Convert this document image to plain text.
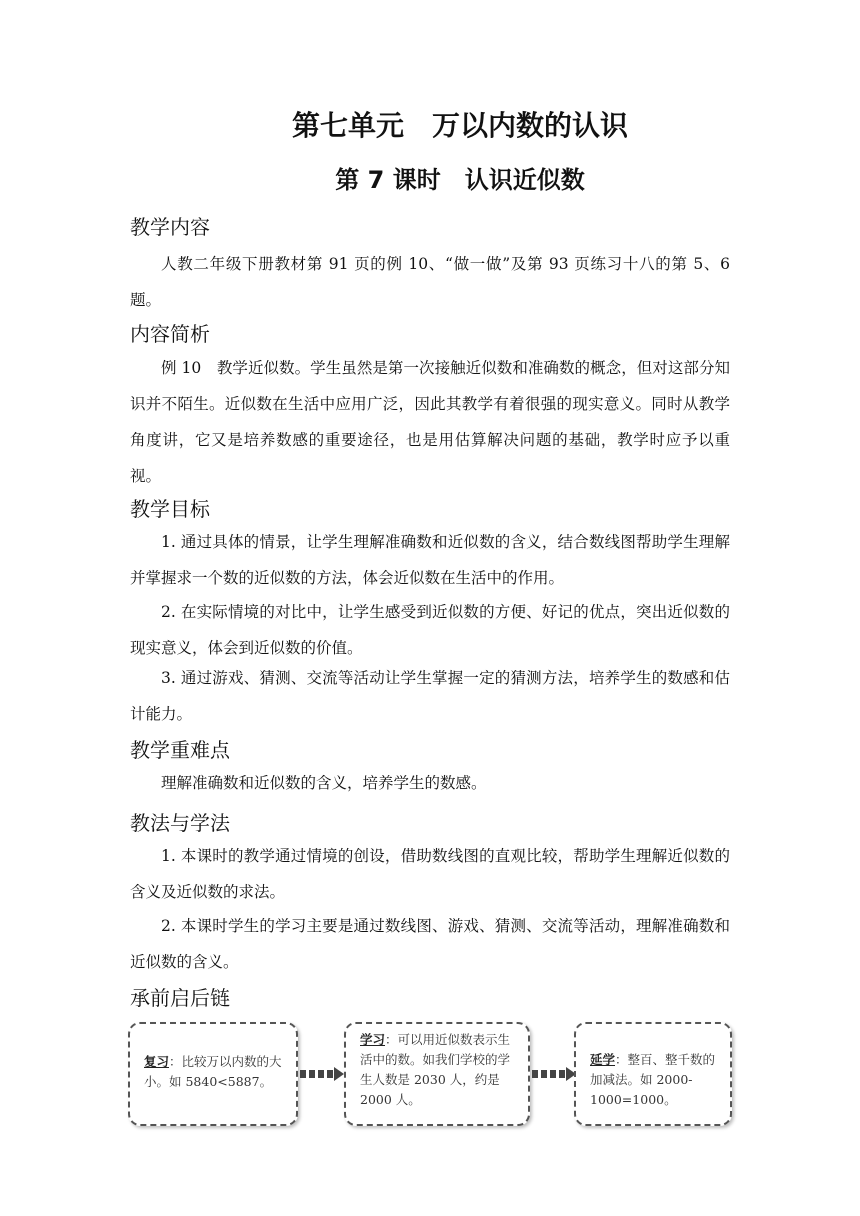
第七单元　万以内数的认识
第 7 课时　认识近似数
教学内容

人教二年级下册教材第 91 页的例 10、“做一做”及第 93 页练习十八的第 5、6 题。

内容简析

例 10　教学近似数。学生虽然是第一次接触近似数和准确数的概念，但对这部分知识并不陌生。近似数在生活中应用广泛，因此其教学有着很强的现实意义。同时从教学角度讲，它又是培养数感的重要途径，也是用估算解决问题的基础，教学时应予以重视。

教学目标

1. 通过具体的情景，让学生理解准确数和近似数的含义，结合数线图帮助学生理解并掌握求一个数的近似数的方法，体会近似数在生活中的作用。

2. 在实际情境的对比中，让学生感受到近似数的方便、好记的优点，突出近似数的现实意义，体会到近似数的价值。

3. 通过游戏、猜测、交流等活动让学生掌握一定的猜测方法，培养学生的数感和估计能力。

教学重难点

理解准确数和近似数的含义，培养学生的数感。

教法与学法

1. 本课时的教学通过情境的创设，借助数线图的直观比较，帮助学生理解近似数的含义及近似数的求法。

2. 本课时学生的学习主要是通过数线图、游戏、猜测、交流等活动，理解准确数和近似数的含义。

承前启后链
复习：比较万以内数的大小。如 5840<5887。
学习：可以用近似数表示生活中的数。如我们学校的学生人数是 2030 人，约是 2000 人。
延学：整百、整千数的加减法。如 2000-1000=1000。
